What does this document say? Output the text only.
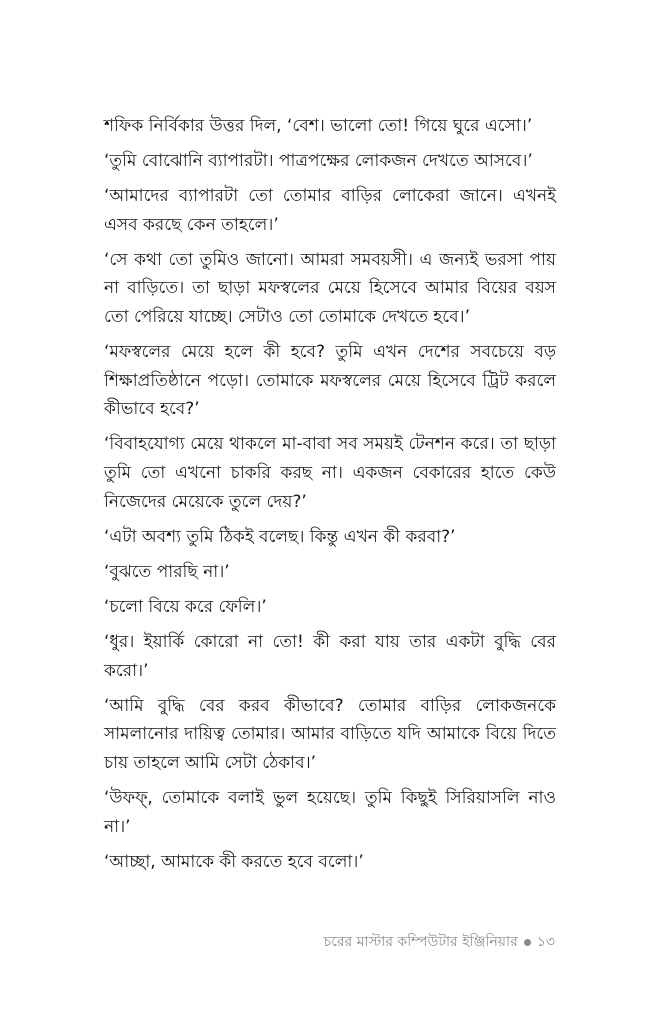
শফিক নির্বিকার উত্তর দিল, ‘বেশ। ভালো তো! গিয়ে ঘুরে এসো।’

‘তুমি বোঝোনি ব্যাপারটা। পাত্রপক্ষের লোকজন দেখতে আসবে।’

‘আমাদের ব্যাপারটা তো তোমার বাড়ির লোকেরা জানে। এখনই এসব করছে কেন তাহলে।’

‘সে কথা তো তুমিও জানো। আমরা সমবয়সী। এ জন্যই ভরসা পায় না বাড়িতে। তা ছাড়া মফস্বলের মেয়ে হিসেবে আমার বিয়ের বয়স তো পেরিয়ে যাচ্ছে। সেটাও তো তোমাকে দেখতে হবে।’

‘মফস্বলের মেয়ে হলে কী হবে? তুমি এখন দেশের সবচেয়ে বড় শিক্ষাপ্রতিষ্ঠানে পড়ো। তোমাকে মফস্বলের মেয়ে হিসেবে ট্রিট করলে কীভাবে হবে?’

‘বিবাহযোগ্য মেয়ে থাকলে মা-বাবা সব সময়ই টেনশন করে। তা ছাড়া তুমি তো এখনো চাকরি করছ না। একজন বেকারের হাতে কেউ নিজেদের মেয়েকে তুলে দেয়?’

‘এটা অবশ্য তুমি ঠিকই বলেছ। কিন্তু এখন কী করবা?’

‘বুঝতে পারছি না।’

‘চলো বিয়ে করে ফেলি।’

‘ধুর। ইয়ার্কি কোরো না তো! কী করা যায় তার একটা বুদ্ধি বের করো।’

‘আমি বুদ্ধি বের করব কীভাবে? তোমার বাড়ির লোকজনকে সামলানোর দায়িত্ব তোমার। আমার বাড়িতে যদি আমাকে বিয়ে দিতে চায় তাহলে আমি সেটা ঠেকাব।’

‘উফফ্, তোমাকে বলাই ভুল হয়েছে। তুমি কিছুই সিরিয়াসলি নাও না।’

‘আচ্ছা, আমাকে কী করতে হবে বলো।’

চরের মাস্টার কম্পিউটার ইঞ্জিনিয়ার ১৩
